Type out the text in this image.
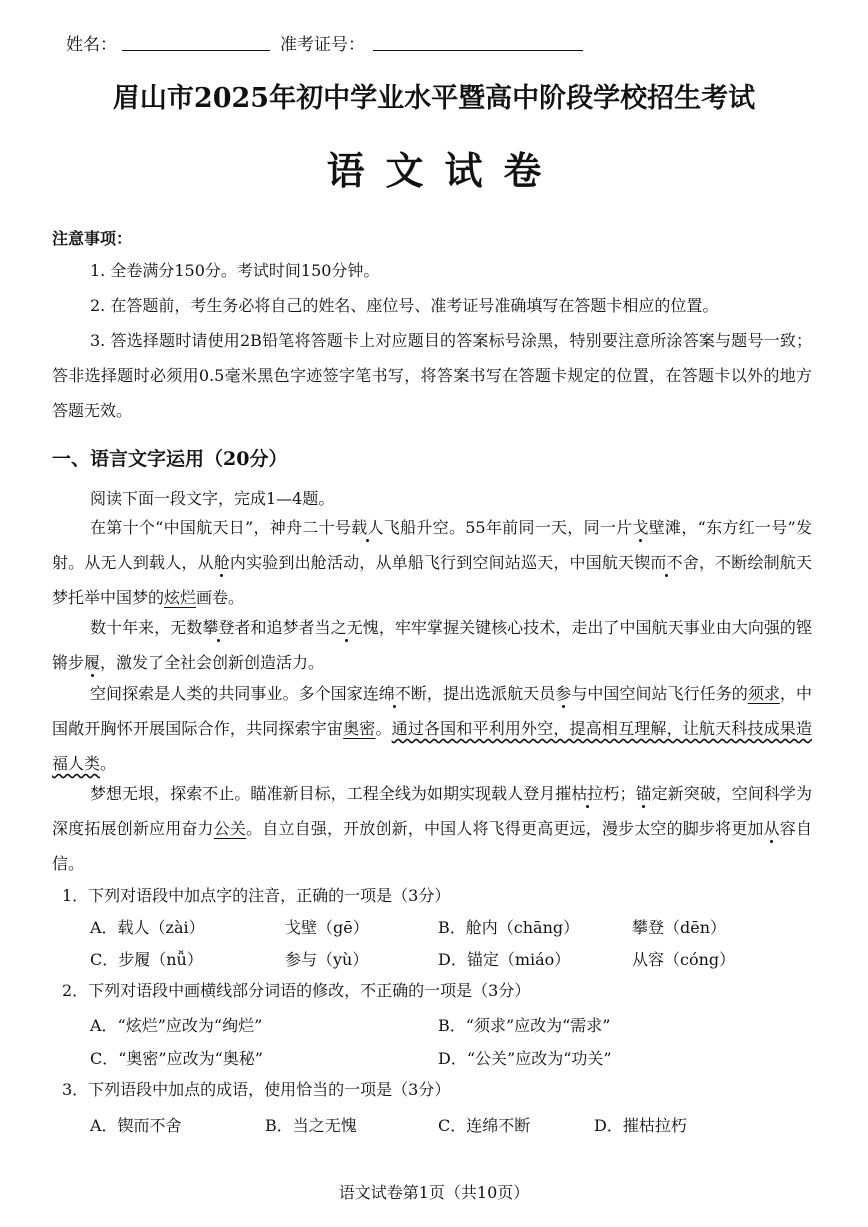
姓名：	准考证号：
眉山市2025年初中学业水平暨高中阶段学校招生考试
语文试卷
注意事项：
1. 全卷满分150分。考试时间150分钟。
2. 在答题前，考生务必将自己的姓名、座位号、准考证号准确填写在答题卡相应的位置。
3. 答选择题时请使用2B铅笔将答题卡上对应题目的答案标号涂黑，特别要注意所涂答案与题号一致；答非选择题时必须用0.5毫米黑色字迹签字笔书写，将答案书写在答题卡规定的位置，在答题卡以外的地方答题无效。
一、语言文字运用（20分）
阅读下面一段文字，完成1—4题。
在第十个“中国航天日”，神舟二十号载人飞船升空。55年前同一天，同一片戈壁滩，“东方红一号”发射。从无人到载人，从舱内实验到出舱活动，从单船飞行到空间站巡天，中国航天锲而不舍，不断绘制航天梦托举中国梦的炫烂画卷。
数十年来，无数攀登者和追梦者当之无愧，牢牢掌握关键核心技术，走出了中国航天事业由大向强的铿锵步履，激发了全社会创新创造活力。
空间探索是人类的共同事业。多个国家连绵不断，提出选派航天员参与中国空间站飞行任务的须求，中国敞开胸怀开展国际合作，共同探索宇宙奥密。通过各国和平利用外空，提高相互理解，让航天科技成果造福人类。
梦想无垠，探索不止。瞄准新目标，工程全线为如期实现载人登月摧枯拉朽；锚定新突破，空间科学为深度拓展创新应用奋力公关。自立自强，开放创新，中国人将飞得更高更远，漫步太空的脚步将更加从容自信。
1．下列对语段中加点字的注音，正确的一项是（3分）
A．载人（zài）	戈壁（gē）	B．舱内（chāng）	攀登（dēn）
C．步履（nǚ）	参与（yù）	D．锚定（miáo）	从容（cóng）
2．下列对语段中画横线部分词语的修改，不正确的一项是（3分）
A．“炫烂”应改为“绚烂”	B．“须求”应改为“需求”
C．“奥密”应改为“奥秘”	D．“公关”应改为“功关”
3．下列语段中加点的成语，使用恰当的一项是（3分）
A．锲而不舍	B．当之无愧	C．连绵不断	D．摧枯拉朽
语文试卷第1页（共10页）
